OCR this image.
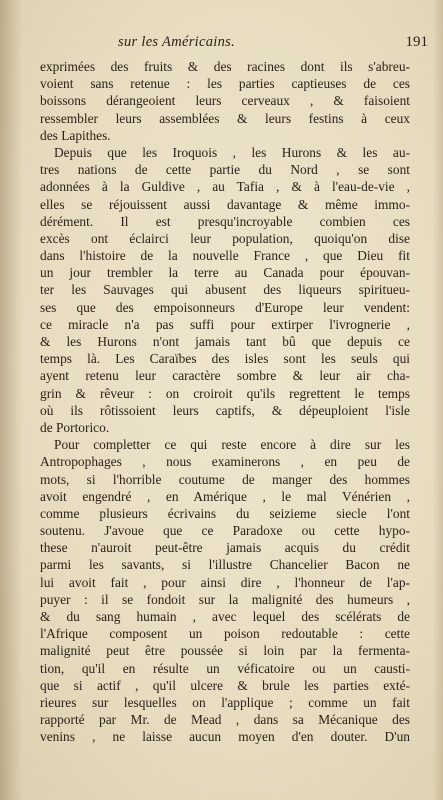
sur les Américains.	191
exprimées des fruits & des racines dont ils s'abreu-
voient sans retenue : les parties captieuses de ces
boissons dérangeoient leurs cerveaux , & faisoient
ressembler leurs assemblées & leurs festins à ceux
des Lapithes.
Depuis que les Iroquois , les Hurons & les au-
tres nations de cette partie du Nord , se sont
adonnées à la Guldive , au Tafia , & à l'eau-de-vie ,
elles se réjouissent aussi davantage & même immo-
dérément. Il est presqu'incroyable combien ces
excès ont éclairci leur population, quoiqu'on dise
dans l'histoire de la nouvelle France , que Dieu fit
un jour trembler la terre au Canada pour épouvan-
ter les Sauvages qui abusent des liqueurs spiritueu-
ses que des empoisonneurs d'Europe leur vendent:
ce miracle n'a pas suffi pour extirper l'ivrognerie ,
& les Hurons n'ont jamais tant bû que depuis ce
temps là. Les Caraïbes des isles sont les seuls qui
ayent retenu leur caractère sombre & leur air cha-
grin & rêveur : on croiroit qu'ils regrettent le temps
où ils rôtissoient leurs captifs, & dépeuploient l'isle
de Portorico.
Pour completter ce qui reste encore à dire sur les
Antropophages , nous examinerons , en peu de
mots, si l'horrible coutume de manger des hommes
avoit engendré , en Amérique , le mal Vénérien ,
comme plusieurs écrivains du seizieme siecle l'ont
soutenu. J'avoue que ce Paradoxe ou cette hypo-
these n'auroit peut-être jamais acquis du crédit
parmi les savants, si l'illustre Chancelier Bacon ne
lui avoit fait , pour ainsi dire , l'honneur de l'ap-
puyer : il se fondoit sur la malignité des humeurs ,
& du sang humain , avec lequel des scélérats de
l'Afrique composent un poison redoutable : cette
malignité peut être poussée si loin par la fermenta-
tion, qu'il en résulte un véficatoire ou un causti-
que si actif , qu'il ulcere & brule les parties exté-
rieures sur lesquelles on l'applique ; comme un fait
rapporté par Mr. de Mead , dans sa Mécanique des
venins , ne laisse aucun moyen d'en douter. D'un
